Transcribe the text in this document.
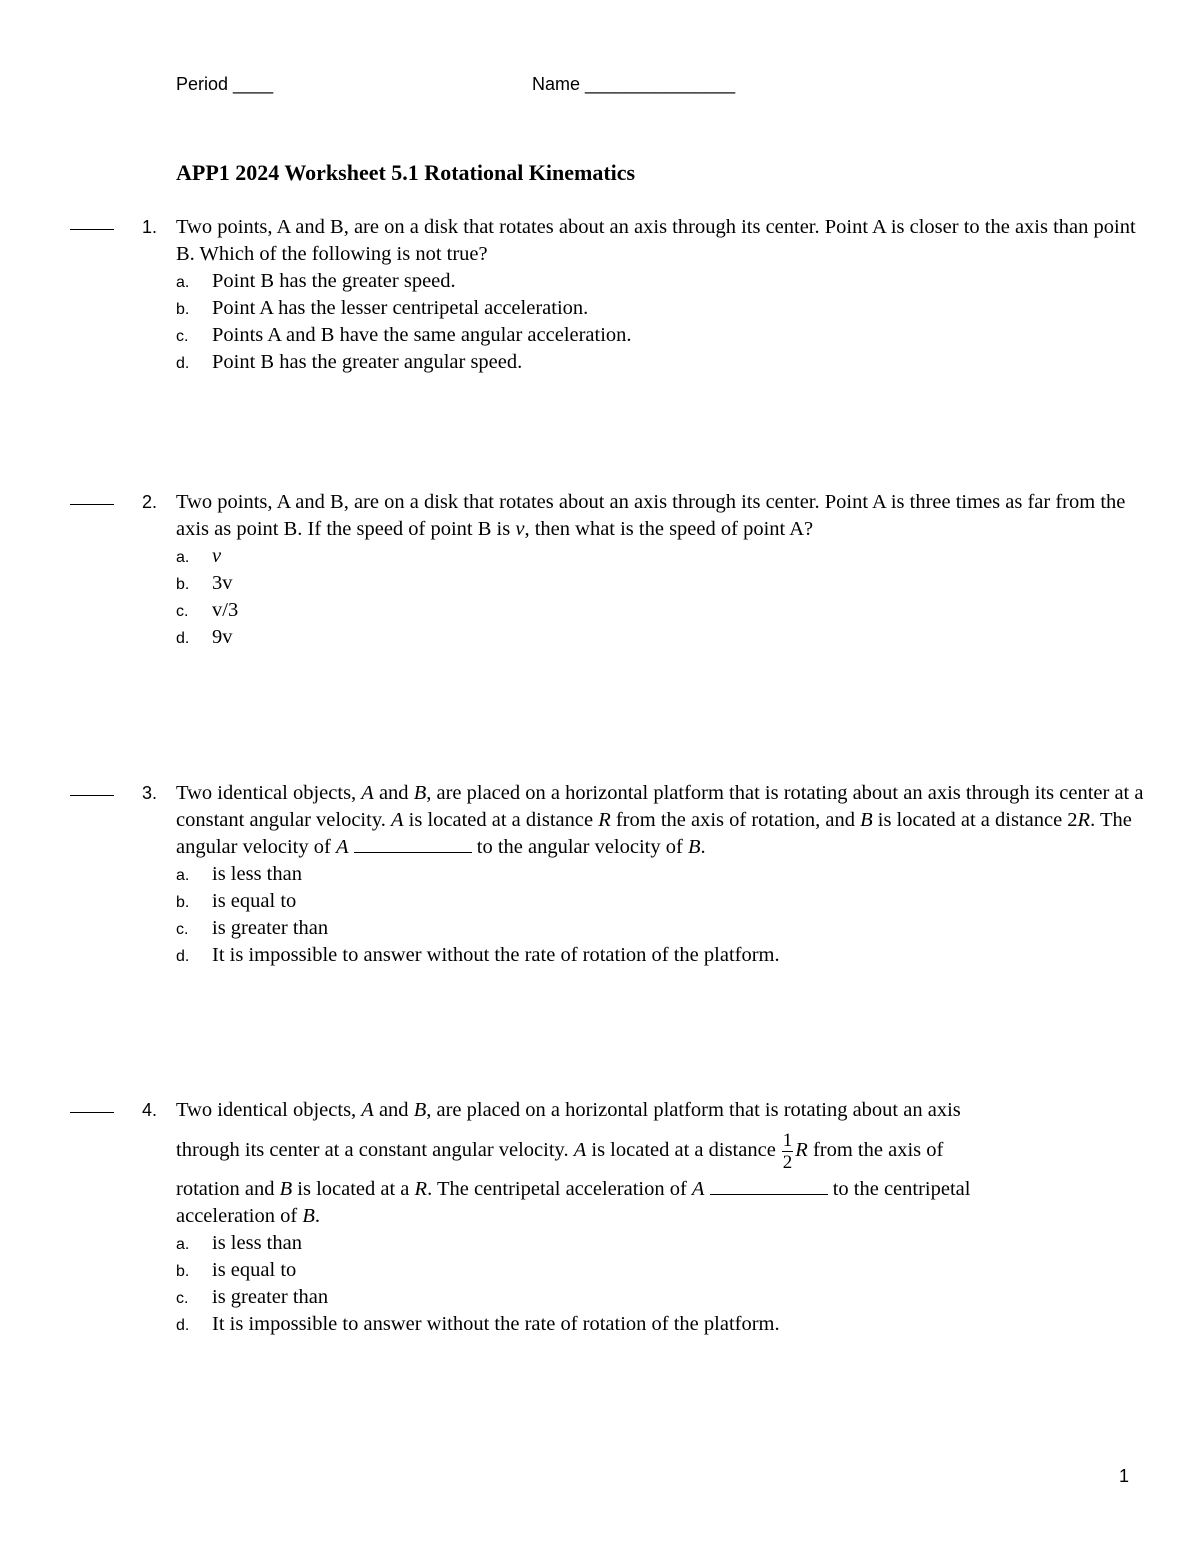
Period ____	Name _______________
APP1 2024 Worksheet 5.1 Rotational Kinematics
1. Two points, A and B, are on a disk that rotates about an axis through its center. Point A is closer to the axis than point B. Which of the following is not true?
a. Point B has the greater speed.
b. Point A has the lesser centripetal acceleration.
c. Points A and B have the same angular acceleration.
d. Point B has the greater angular speed.
2. Two points, A and B, are on a disk that rotates about an axis through its center. Point A is three times as far from the axis as point B. If the speed of point B is v, then what is the speed of point A?
a. v
b. 3v
c. v/3
d. 9v
3. Two identical objects, A and B, are placed on a horizontal platform that is rotating about an axis through its center at a constant angular velocity. A is located at a distance R from the axis of rotation, and B is located at a distance 2R. The angular velocity of A	to the angular velocity of B.
a. is less than
b. is equal to
c. is greater than
d. It is impossible to answer without the rate of rotation of the platform.
4. Two identical objects, A and B, are placed on a horizontal platform that is rotating about an axis
through its center at a constant angular velocity. A is located at a distance $\frac{1}{2}$ R from the axis of
rotation and B is located at a R. The centripetal acceleration of A	to the centripetal
acceleration of B.
a. is less than
b. is equal to
c. is greater than
d. It is impossible to answer without the rate of rotation of the platform.
1
